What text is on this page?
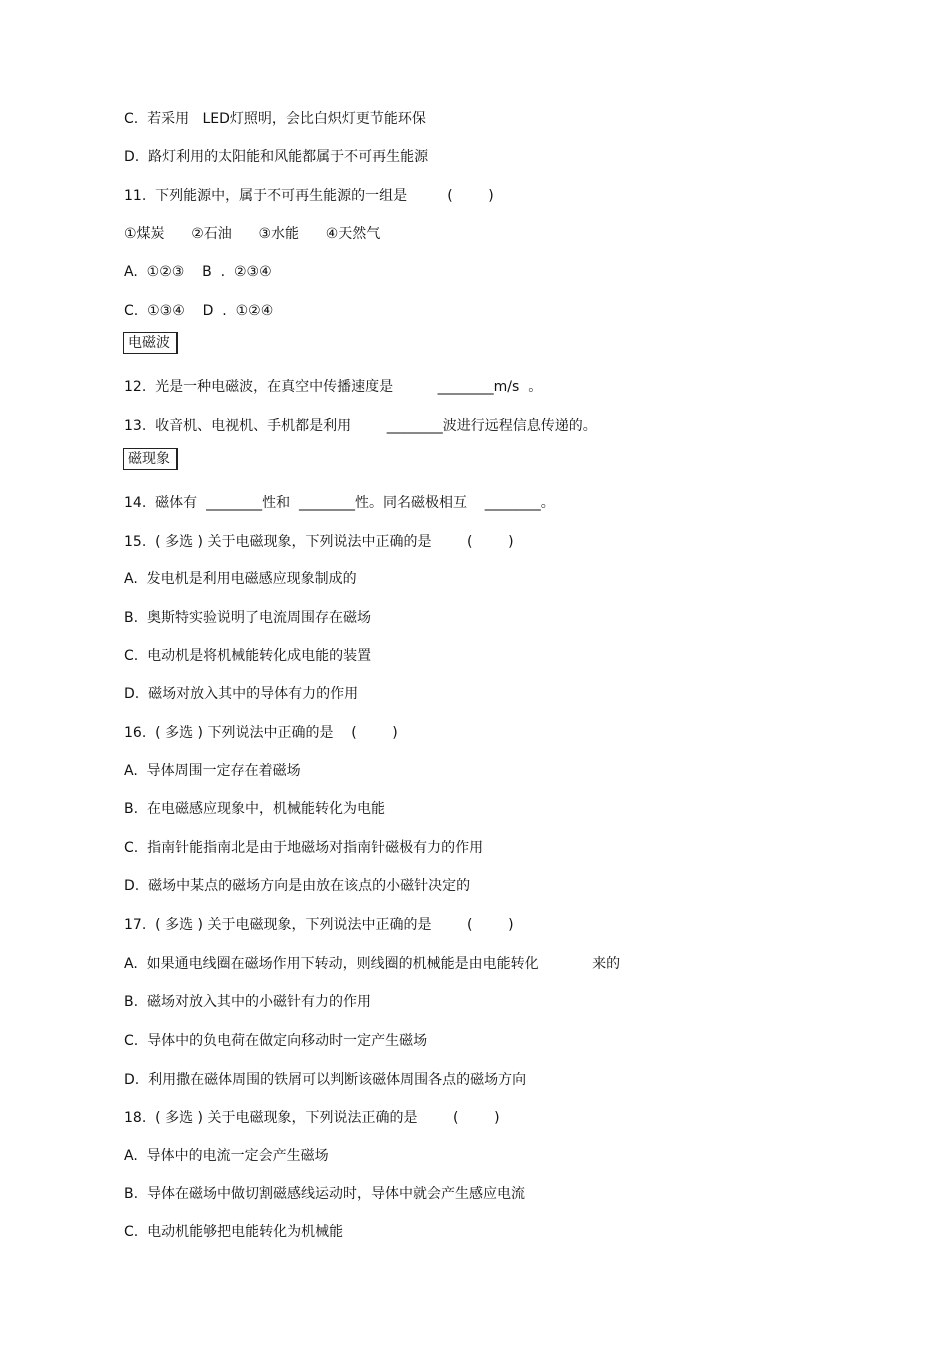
C.  若采用   LED灯照明，会比白炽灯更节能环保
D.  路灯利用的太阳能和风能都属于不可再生能源
11.  下列能源中，属于不可再生能源的一组是         (        )
①煤炭      ②石油      ③水能      ④天然气
A.  ①②③    B  .  ②③④
C.  ①③④    D  .  ①②④
电磁波
12.  光是一种电磁波，在真空中传播速度是          ________m/s  。
13.  收音机、电视机、手机都是利用        ________波进行远程信息传递的。
磁现象
14.  磁体有  ________性和  ________性。同名磁极相互    ________。
15.  ( 多选 ) 关于电磁现象，下列说法中正确的是        (        )
A.  发电机是利用电磁感应现象制成的
B.  奥斯特实验说明了电流周围存在磁场
C.  电动机是将机械能转化成电能的装置
D.  磁场对放入其中的导体有力的作用
16.  ( 多选 ) 下列说法中正确的是    (        )
A.  导体周围一定存在着磁场
B.  在电磁感应现象中，机械能转化为电能
C.  指南针能指南北是由于地磁场对指南针磁极有力的作用
D.  磁场中某点的磁场方向是由放在该点的小磁针决定的
17.  ( 多选 ) 关于电磁现象，下列说法中正确的是        (        )
A.  如果通电线圈在磁场作用下转动，则线圈的机械能是由电能转化            来的
B.  磁场对放入其中的小磁针有力的作用
C.  导体中的负电荷在做定向移动时一定产生磁场
D.  利用撒在磁体周围的铁屑可以判断该磁体周围各点的磁场方向
18.  ( 多选 ) 关于电磁现象，下列说法正确的是        (        )
A.  导体中的电流一定会产生磁场
B.  导体在磁场中做切割磁感线运动时，导体中就会产生感应电流
C.  电动机能够把电能转化为机械能
